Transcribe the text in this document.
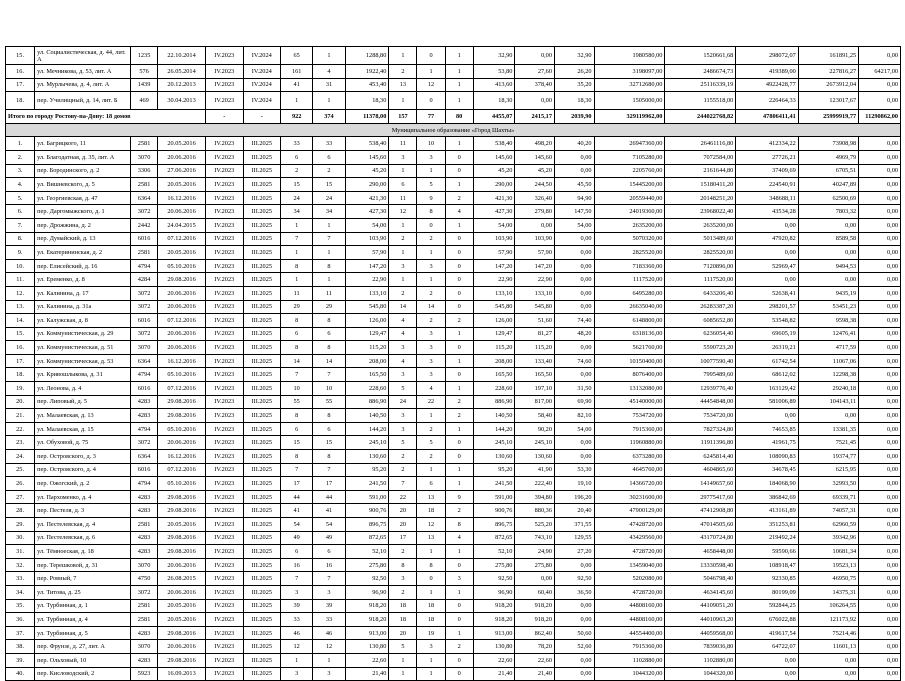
15.	ул. Социалистическая, д. 44, лит. А	1235	22.10.2014	IV.2023	IV.2024	65	1	1288,80	1	0	1	32,90	0,00	32,90	1980580,00	1520661,68	298072,07	161891,25	0,00
16.	ул. Мечникова, д. 53, лит. А	576	26.05.2014	IV.2023	IV.2024	161	4	1922,40	2	1	1	53,80	27,60	26,20	3198097,00	2486674,73	419389,00	227816,27	64217,00
17.	ул. Мурлычева, д. 4, лит. А	1439	20.12.2013	IV.2023	IV.2024	41	31	453,40	13	12	1	413,60	378,40	35,20	32712680,00	25116339,19	4922428,77	2673912,04	0,00
18.	пер. Училищный, д. 14, лит. Б	469	30.04.2013	IV.2023	IV.2024	1	1	18,30	1	0	1	18,30	0,00	18,30	1505000,00	1155518,00	226464,33	123017,67	0,00
Итого по городу Ростову-на-Дону: 18 домов				-	-	922	374	11378,00	157	77	80	4455,07	2415,17	2039,90	329119962,00	244022768,82	47806411,41	25999919,77	11290862,00
Муниципальное образование «Город Шахты»																			
1.	ул. Багрицкого, 11	2581	20.05.2016	IV.2023	III.2025	33	33	538,40	11	10	1	538,40	498,20	40,20	26947360,00	26461116,80	412334,22	73908,98	0,00
2.	ул. Благодатная, д. 35, лит. А	3070	20.06.2016	IV.2023	III.2025	6	6	145,60	3	3	0	145,60	145,60	0,00	7105280,00	7072584,00	27726,21	4969,79	0,00
3.	пер. Бородинского, д. 2	3306	27.06.2016	IV.2023	III.2025	2	2	45,20	1	1	0	45,20	45,20	0,00	2205760,00	2161644,80	37409,69	6705,51	0,00
4.	ул. Вишневского, д. 5	2581	20.05.2016	IV.2023	III.2025	15	15	290,00	6	5	1	290,00	244,50	45,50	15445200,00	15180411,20	224540,91	40247,89	0,00
5.	ул. Георгиевская, д. 47	6364	16.12.2016	IV.2023	III.2025	24	24	421,30	11	9	2	421,30	326,40	94,90	20559440,00	20148251,20	348688,11	62500,69	0,00
6.	пер. Даргомыжского, д. 1	3072	20.06.2016	IV.2023	III.2025	34	34	427,30	12	8	4	427,30	279,80	147,50	24019360,00	23968022,40	43534,28	7803,32	0,00
7.	пер. Дрожжина, д. 2	2442	24.04.2015	IV.2023	III.2025	1	1	54,00	1	0	1	54,00	0,00	54,00	2635200,00	2635200,00	0,00	0,00	0,00
8.	пер. Думайский, д. 13	6016	07.12.2016	IV.2023	III.2025	7	7	103,90	2	2	0	103,90	103,90	0,00	5070320,00	5013489,60	47920,82	8589,58	0,00
9.	ул. Екатерининская, д. 2	2581	20.05.2016	IV.2023	III.2025	1	1	57,90	1	1	0	57,90	57,90	0,00	2825520,00	2825520,00	0,00	0,00	0,00
10.	пер. Елисейский, д. 16	4794	05.10.2016	IV.2023	III.2025	8	8	147,20	3	3	0	147,20	147,20	0,00	7183360,00	7120896,00	52969,47	9494,53	0,00
11.	ул. Еременко, д. 8	4284	29.08.2016	IV.2023	III.2025	1	1	22,90	1	1	0	22,90	22,90	0,00	1117520,00	1117520,00	0,00	0,00	0,00
12.	ул. Калинина, д. 17	3072	20.06.2016	IV.2023	III.2025	11	11	133,10	2	2	0	133,10	133,10	0,00	6495280,00	6433206,40	52638,41	9435,19	0,00
13.	ул. Калинина, д. 31а	3072	20.06.2016	IV.2023	III.2025	29	29	545,80	14	14	0	545,80	545,80	0,00	26635040,00	26283387,20	298201,57	53451,23	0,00
14.	ул. Калужская, д. 8	6016	07.12.2016	IV.2023	III.2025	8	8	126,00	4	2	2	126,00	51,60	74,40	6148800,00	6085652,80	53548,82	9598,38	0,00
15.	ул. Коммунистическая, д. 29	3072	20.06.2016	IV.2023	III.2025	6	6	129,47	4	3	1	129,47	81,27	48,20	6318136,00	6236054,40	69605,19	12476,41	0,00
16.	ул. Коммунистическая, д. 51	3070	20.06.2016	IV.2023	III.2025	8	8	115,20	3	3	0	115,20	115,20	0,00	5621760,00	5590723,20	26319,21	4717,59	0,00
17.	ул. Коммунистическая, д. 53	6364	16.12.2016	IV.2023	III.2025	14	14	208,00	4	3	1	208,00	133,40	74,60	10150400,00	10077590,40	61742,54	11067,06	0,00
18.	ул. Кривошлыкова, д. 31	4794	05.10.2016	IV.2023	III.2025	7	7	165,50	3	3	0	165,50	165,50	0,00	8076400,00	7995489,60	68612,02	12298,38	0,00
19.	ул. Леонова, д. 4	6016	07.12.2016	IV.2023	III.2025	10	10	228,60	5	4	1	228,60	197,10	31,50	13132080,00	12939776,40	163129,42	29240,18	0,00
20.	пер. Липовый, д. 5	4283	29.08.2016	IV.2023	III.2025	55	55	886,90	24	22	2	886,90	817,00	69,90	45140000,00	44454848,00	581006,89	104143,11	0,00
21.	ул. Малаевская, д. 13	4283	29.08.2016	IV.2023	III.2025	8	8	140,50	3	1	2	140,50	58,40	82,10	7534720,00	7534720,00	0,00	0,00	0,00
22.	ул. Малаевская, д. 15	4794	05.10.2016	IV.2023	III.2025	6	6	144,20	3	2	1	144,20	90,20	54,00	7915360,00	7827324,80	74653,85	13381,35	0,00
23.	ул. Обуховой, д. 75	3072	20.06.2016	IV.2023	III.2025	15	15	245,10	5	5	0	245,10	245,10	0,00	11960880,00	11911396,80	41961,75	7521,45	0,00
24.	пер. Островского, д. 3	6364	16.12.2016	IV.2023	III.2025	8	8	130,60	2	2	0	130,60	130,60	0,00	6373280,00	6245814,40	108090,83	19374,77	0,00
25.	пер. Островского, д. 4	6016	07.12.2016	IV.2023	III.2025	7	7	95,20	2	1	1	95,20	41,90	53,30	4645760,00	4604865,60	34678,45	6215,95	0,00
26.	пер. Ожогский, д. 2	4794	05.10.2016	IV.2023	III.2025	17	17	241,50	7	6	1	241,50	222,40	19,10	14366720,00	14149657,60	184068,90	32993,50	0,00
27.	ул. Пархоменко, д. 4	4283	29.08.2016	IV.2023	III.2025	44	44	591,00	22	13	9	591,00	394,80	196,20	30231600,00	29775417,60	386842,69	69339,71	0,00
28.	пер. Пестеля, д. 3	4283	29.08.2016	IV.2023	III.2025	41	41	900,76	20	18	2	900,76	880,36	20,40	47900129,00	47412908,80	413161,89	74057,31	0,00
29.	ул. Пестелевская, д. 4	2581	20.05.2016	IV.2023	III.2025	54	54	896,75	20	12	8	896,75	525,20	371,55	47428720,00	47014505,60	351253,81	62960,59	0,00
30.	ул. Пестелевская, д. 6	4283	29.08.2016	IV.2023	III.2025	49	49	872,65	17	13	4	872,65	743,10	129,55	43429560,00	43170724,80	219492,24	39342,96	0,00
31.	ул. Тёмноеская, д. 18	4283	29.08.2016	IV.2023	III.2025	6	6	52,10	2	1	1	52,10	24,90	27,20	4728720,00	4658448,00	59590,66	10681,34	0,00
32.	пер. Терешковой, д. 31	3070	20.06.2016	IV.2023	III.2025	16	16	275,80	8	8	0	275,80	275,80	0,00	13459040,00	13330598,40	108918,47	19523,13	0,00
33.	пер. Ровный, 7	4750	26.08.2015	IV.2023	III.2025	7	7	92,50	3	0	3	92,50	0,00	92,50	5202080,00	5046798,40	92330,85	46950,75	0,00
34.	ул. Титова, д. 25	3072	20.06.2016	IV.2023	III.2025	3	3	96,90	2	1	1	96,90	60,40	36,50	4728720,00	4634145,60	80199,09	14375,31	0,00
35.	ул. Турбинная, д. 1	2581	20.05.2016	IV.2023	III.2025	39	39	918,20	18	18	0	918,20	918,20	0,00	44808160,00	44109051,20	592844,25	106264,55	0,00
36.	ул. Турбинная, д. 4	2581	20.05.2016	IV.2023	III.2025	33	33	918,20	18	18	0	918,20	918,20	0,00	44808160,00	44010963,20	676022,88	121173,92	0,00
37.	ул. Турбинная, д. 5	4283	29.08.2016	IV.2023	III.2025	46	46	913,00	20	19	1	913,00	862,40	50,60	44554400,00	44059568,00	419617,54	75214,46	0,00
38.	пер. Фрунзе, д. 27, лит. А	3070	20.06.2016	IV.2023	III.2025	12	12	130,80	5	3	2	130,80	78,20	52,60	7915360,00	7839036,80	64722,07	11601,13	0,00
39.	пер. Ольховый, 10	4283	29.08.2016	IV.2023	III.2025	1	1	22,60	1	1	0	22,60	22,60	0,00	1102880,00	1102880,00	0,00	0,00	0,00
40.	пер. Кисловодский, 2	5923	16.09.2013	IV.2023	III.2025	3	3	21,40	1	1	0	21,40	21,40	0,00	1044320,00	1044320,00	0,00	0,00	0,00
